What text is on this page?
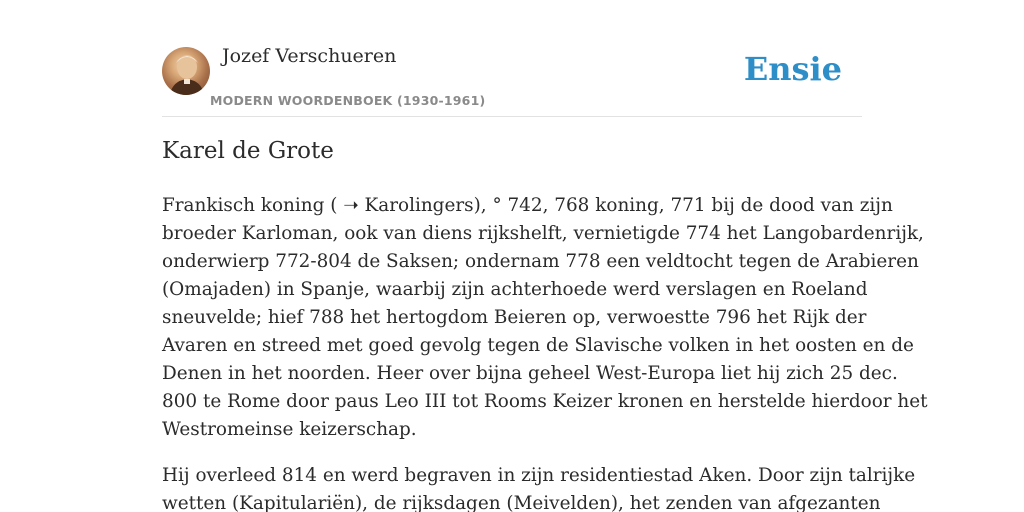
Jozef Verschueren
MODERN WOORDENBOEK (1930-1961)
Ensie
Karel de Grote

Frankisch koning ( ➝ Karolingers), ° 742, 768 koning, 771 bij de dood van zijn
broeder Karloman, ook van diens rijkshelft, vernietigde 774 het Langobardenrijk,
onderwierp 772-804 de Saksen; ondernam 778 een veldtocht tegen de Arabieren
(Omajaden) in Spanje, waarbij zijn achterhoede werd verslagen en Roeland
sneuvelde; hief 788 het hertogdom Beieren op, verwoestte 796 het Rijk der
Avaren en streed met goed gevolg tegen de Slavische volken in het oosten en de
Denen in het noorden. Heer over bijna geheel West-Europa liet hij zich 25 dec.
800 te Rome door paus Leo III tot Rooms Keizer kronen en herstelde hierdoor het
Westromeinse keizerschap.

Hij overleed 814 en werd begraven in zijn residentiestad Aken. Door zijn talrijke
wetten (Kapitulariën), de rijksdagen (Meivelden), het zenden van afgezanten
